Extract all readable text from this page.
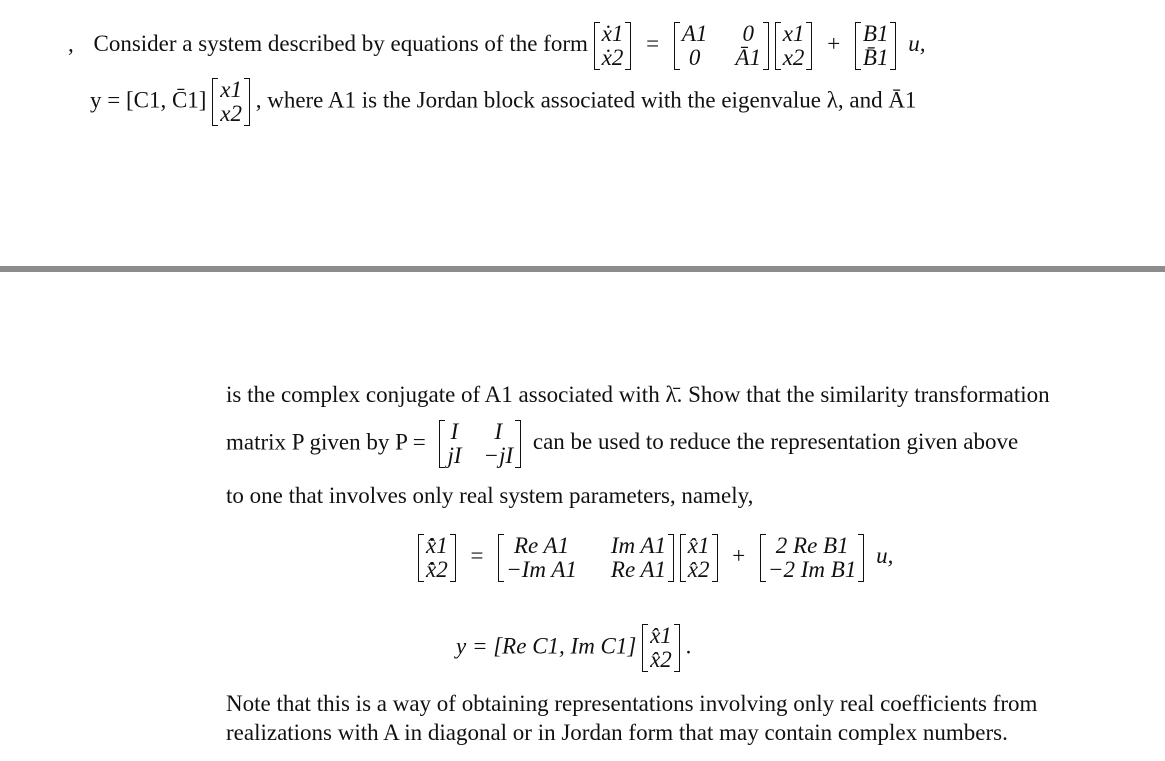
, Consider a system described by equations of the form ẋ1
ẋ2
= A1	0
0	Ā1

x1
x2
+ B1
B̄1
u,
y = [C1, C̄1] x1
x2
, where A1 is the Jordan block associated with the eigenvalue λ, and Ā1
is the complex conjugate of A1 associated with λ̄. Show that the similarity transformation
matrix P given by P = I	I
jI −jI
can be used to reduce the representation given above
to one that involves only real system parameters, namely,
x̂̇1
x̂̇2
=	Re A1	Im A1
−Im A1 Re A1

x̂1
x̂2
+	2 Re B1
−2 Im B1
u,
y = [Re C1, Im C1] x̂1
x̂2
.
Note that this is a way of obtaining representations involving only real coefficients from
realizations with A in diagonal or in Jordan form that may contain complex numbers.
